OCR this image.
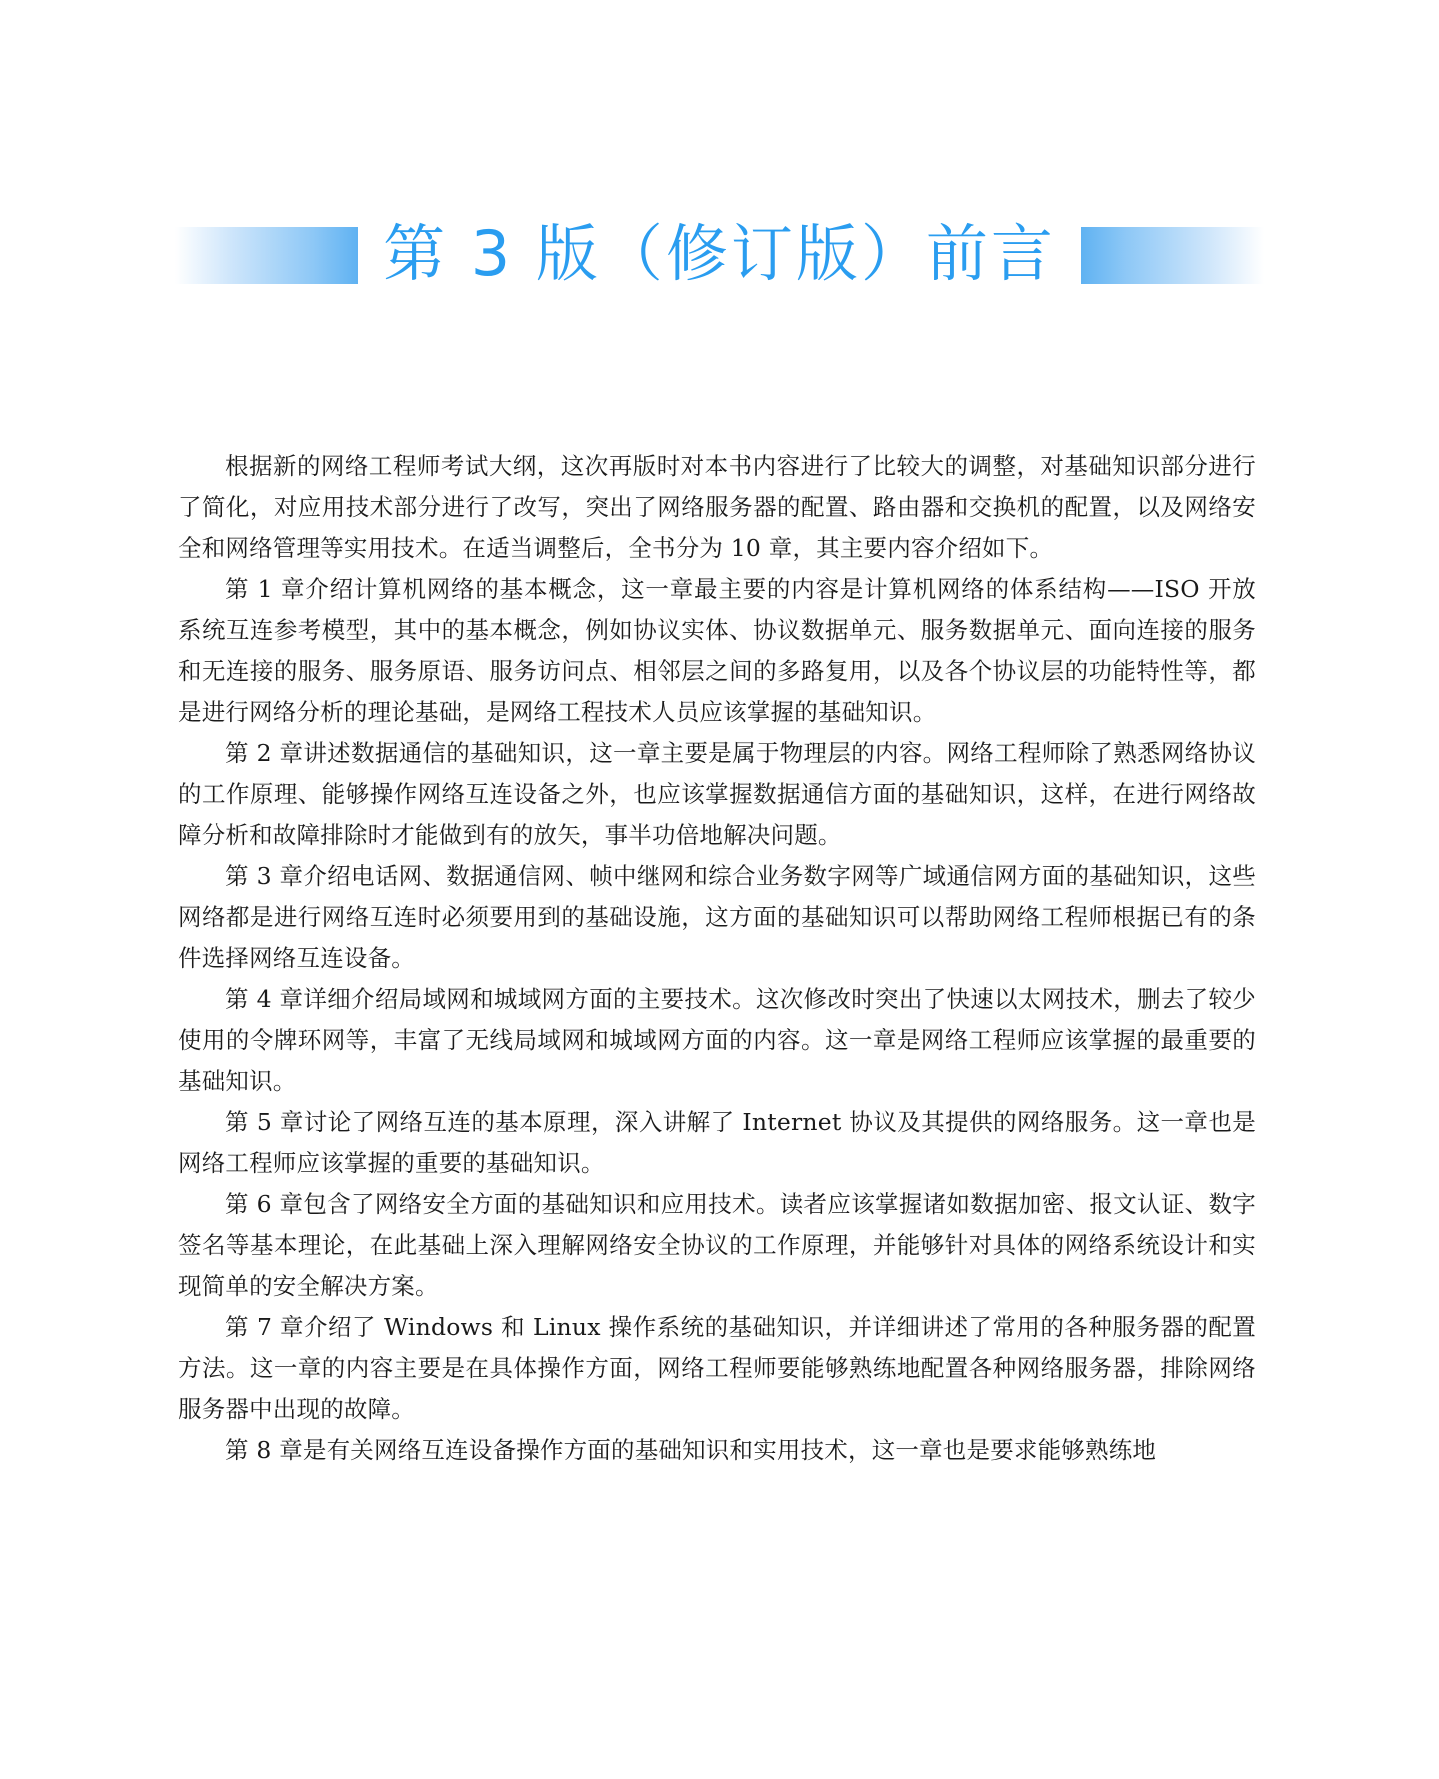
第 3 版（修订版）前言

根据新的网络工程师考试大纲，这次再版时对本书内容进行了比较大的调整，对基础知识部分进行了简化，对应用技术部分进行了改写，突出了网络服务器的配置、路由器和交换机的配置，以及网络安全和网络管理等实用技术。在适当调整后，全书分为 10 章，其主要内容介绍如下。

第 1 章介绍计算机网络的基本概念，这一章最主要的内容是计算机网络的体系结构——ISO 开放系统互连参考模型，其中的基本概念，例如协议实体、协议数据单元、服务数据单元、面向连接的服务和无连接的服务、服务原语、服务访问点、相邻层之间的多路复用，以及各个协议层的功能特性等，都是进行网络分析的理论基础，是网络工程技术人员应该掌握的基础知识。

第 2 章讲述数据通信的基础知识，这一章主要是属于物理层的内容。网络工程师除了熟悉网络协议的工作原理、能够操作网络互连设备之外，也应该掌握数据通信方面的基础知识，这样，在进行网络故障分析和故障排除时才能做到有的放矢，事半功倍地解决问题。

第 3 章介绍电话网、数据通信网、帧中继网和综合业务数字网等广域通信网方面的基础知识，这些网络都是进行网络互连时必须要用到的基础设施，这方面的基础知识可以帮助网络工程师根据已有的条件选择网络互连设备。

第 4 章详细介绍局域网和城域网方面的主要技术。这次修改时突出了快速以太网技术，删去了较少使用的令牌环网等，丰富了无线局域网和城域网方面的内容。这一章是网络工程师应该掌握的最重要的基础知识。

第 5 章讨论了网络互连的基本原理，深入讲解了 Internet 协议及其提供的网络服务。这一章也是网络工程师应该掌握的重要的基础知识。

第 6 章包含了网络安全方面的基础知识和应用技术。读者应该掌握诸如数据加密、报文认证、数字签名等基本理论，在此基础上深入理解网络安全协议的工作原理，并能够针对具体的网络系统设计和实现简单的安全解决方案。

第 7 章介绍了 Windows 和 Linux 操作系统的基础知识，并详细讲述了常用的各种服务器的配置方法。这一章的内容主要是在具体操作方面，网络工程师要能够熟练地配置各种网络服务器，排除网络服务器中出现的故障。

第 8 章是有关网络互连设备操作方面的基础知识和实用技术，这一章也是要求能够熟练地
